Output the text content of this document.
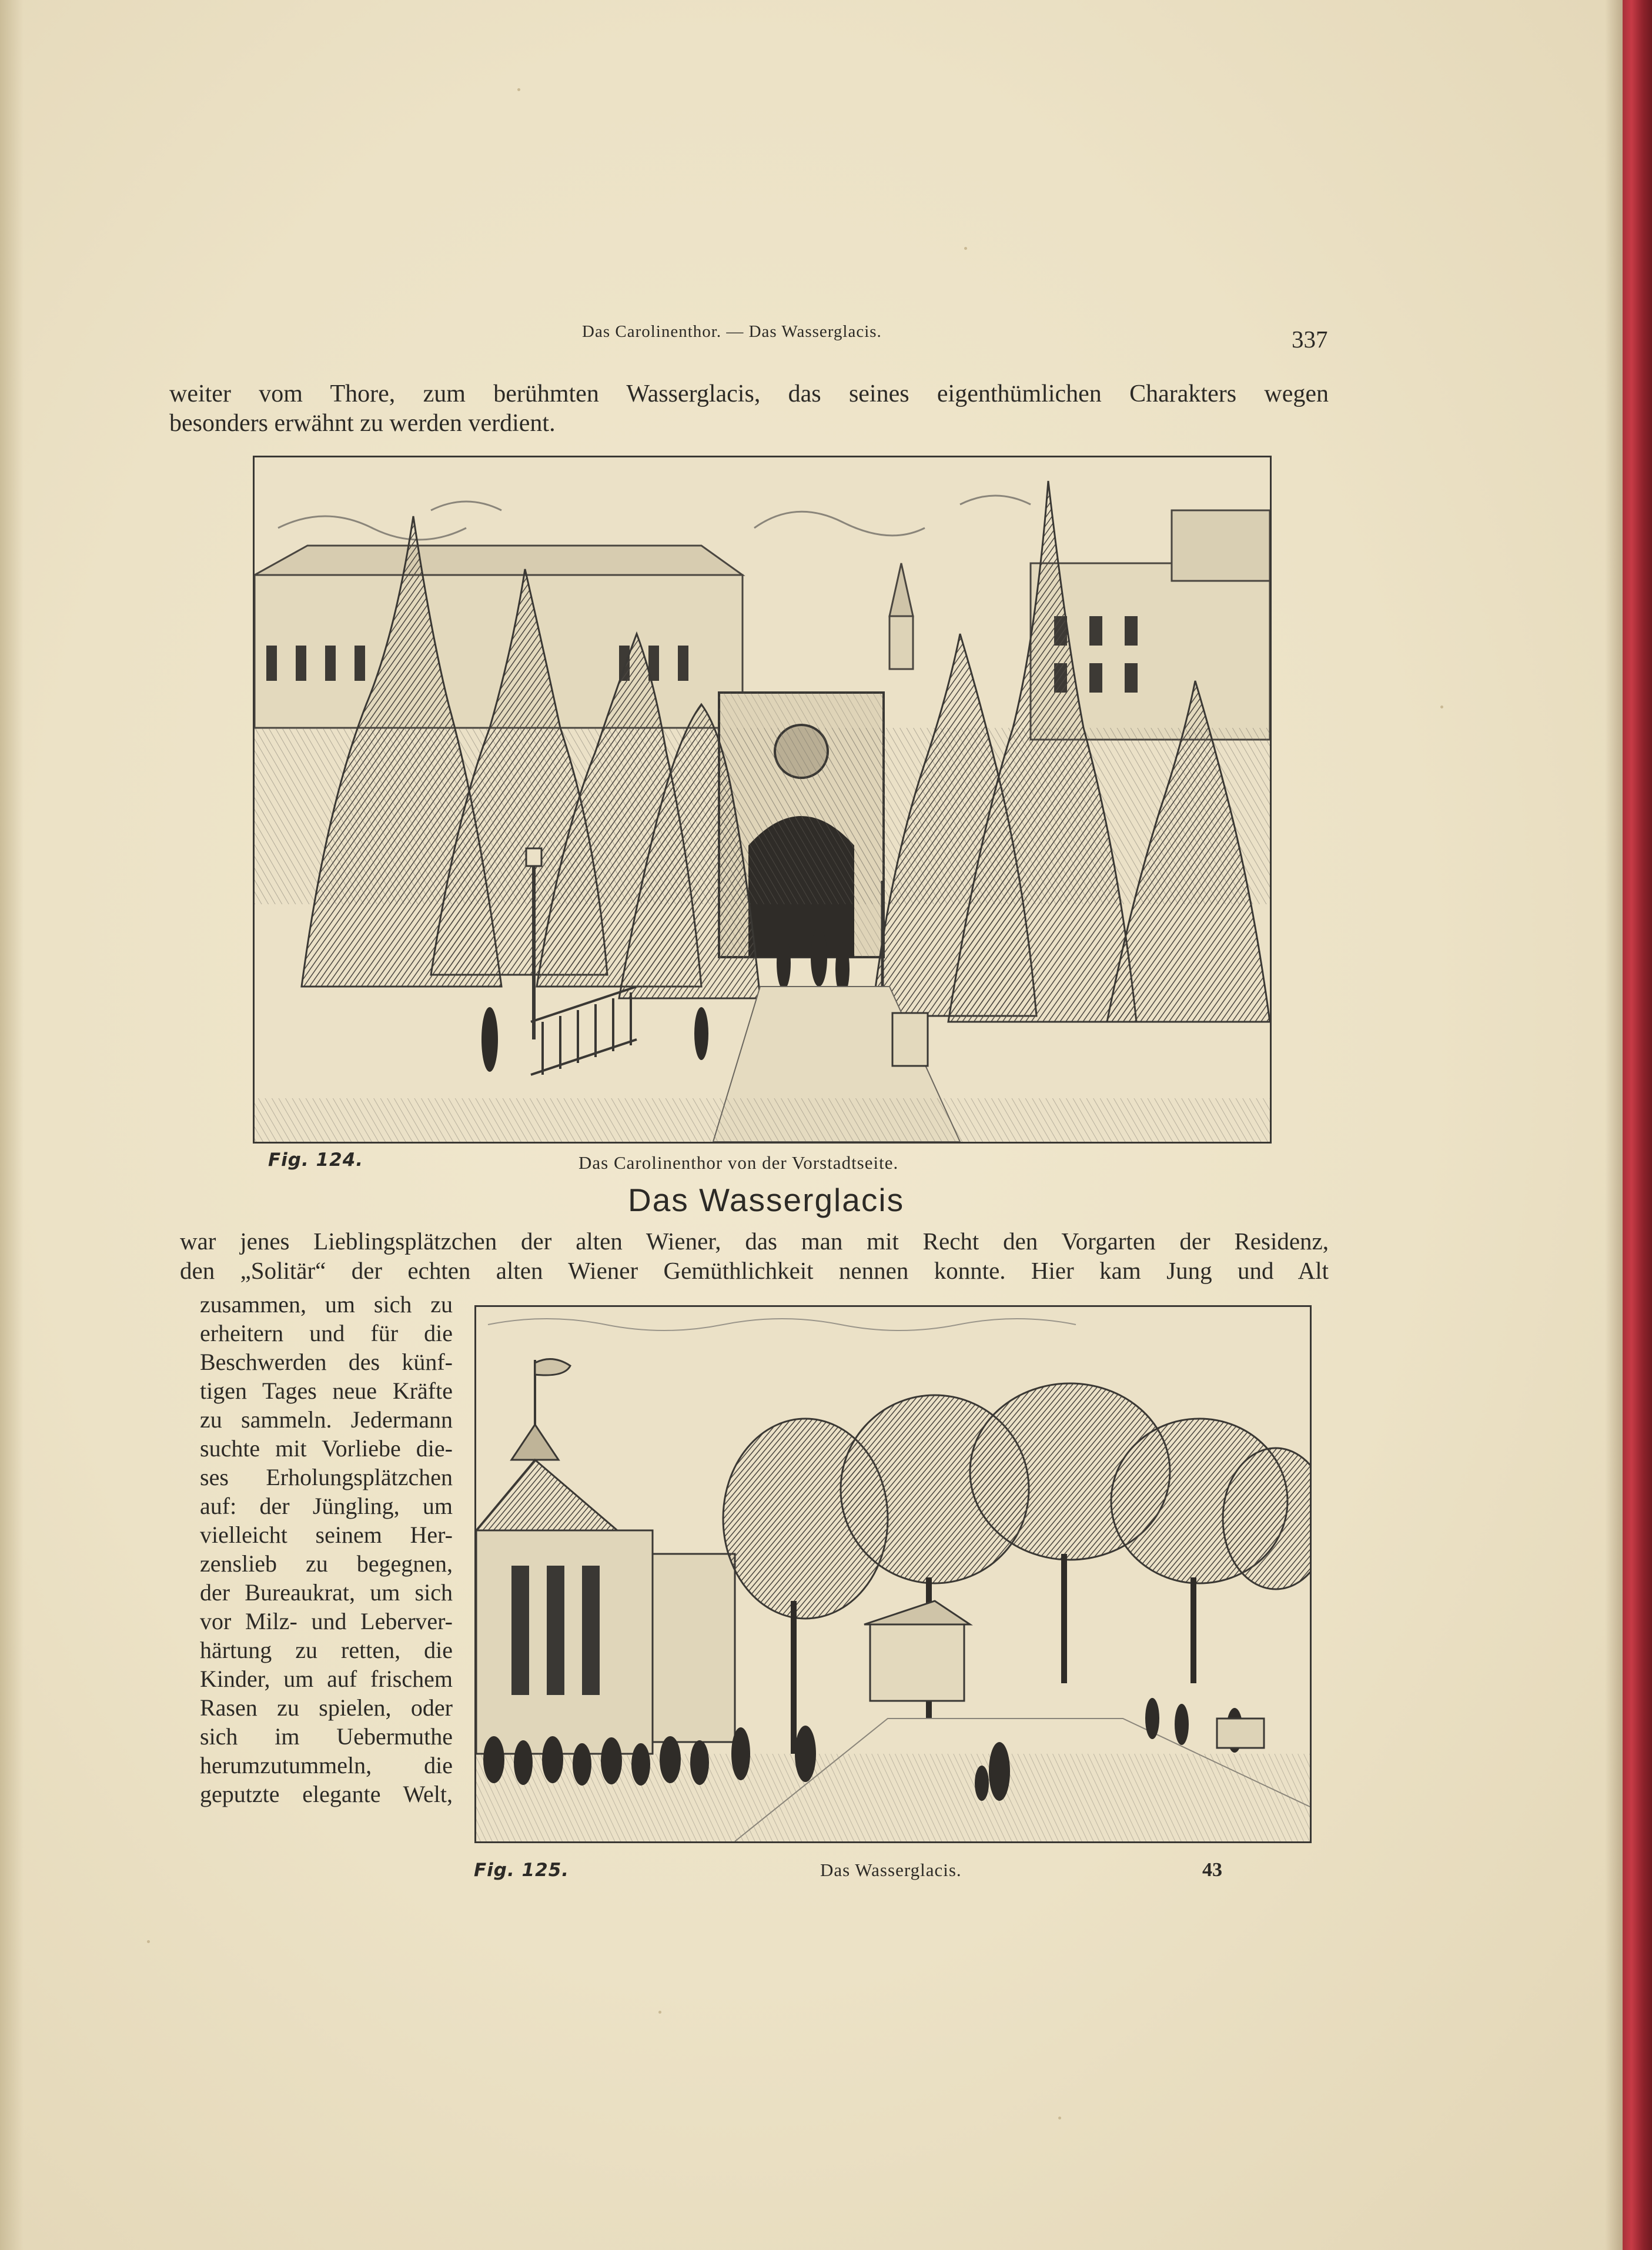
Das Carolinenthor. — Das Wasserglacis.	337
weiter vom Thore, zum berühmten Wasserglacis, das seines eigenthümlichen Charakters wegen
besonders erwähnt zu werden verdient.
Fig. 124.	Das Carolinenthor von der Vorstadtseite.
Das Wasserglacis
war jenes Lieblingsplätzchen der alten Wiener, das man mit Recht den Vorgarten der Residenz,
den „Solitär“ der echten alten Wiener Gemüthlichkeit nennen konnte. Hier kam Jung und Alt
zusammen, um sich zu
erheitern und für die
Beschwerden des künf-
tigen Tages neue Kräfte
zu sammeln. Jedermann
suchte mit Vorliebe die-
ses Erholungsplätzchen
auf: der Jüngling, um
vielleicht seinem Her-
zenslieb zu begegnen,
der Bureaukrat, um sich
vor Milz- und Leberver-
härtung zu retten, die
Kinder, um auf frischem
Rasen zu spielen, oder
sich im Uebermuthe
herumzutummeln, die
geputzte elegante Welt,
Fig. 125.	Das Wasserglacis.	43
